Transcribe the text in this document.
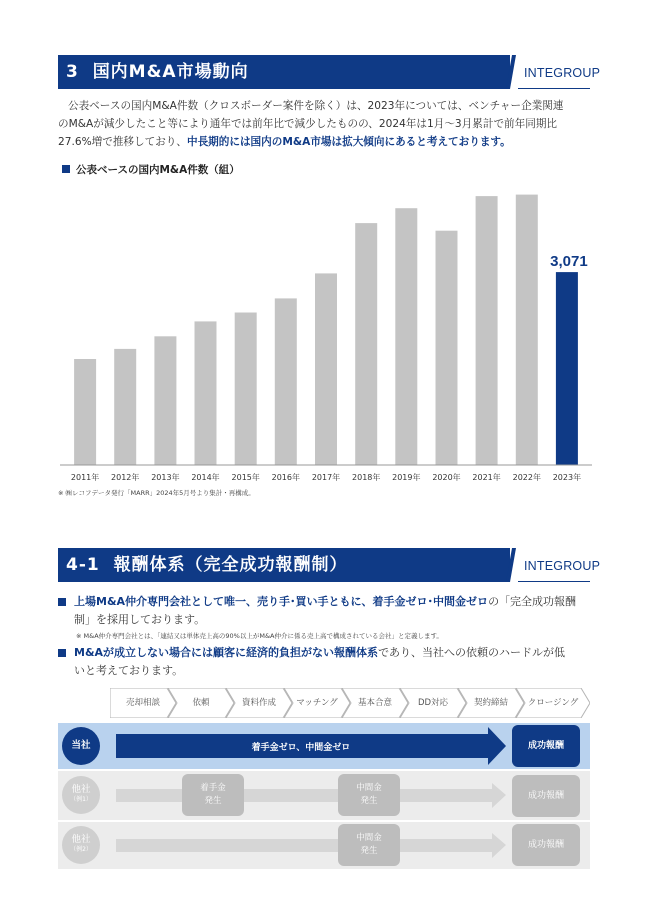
3 国内M&A市場動向	INTEGROUP
公表ベースの国内M&A件数（クロスボーダー案件を除く）は、2023年については、ベンチャー企業関連
のM&Aが減少したこと等により通年では前年比で減少したものの、2024年は1月～3月累計で前年同期比
27.6%増で推移しており、中長期的には国内のM&A市場は拡大傾向にあると考えております。
公表ベースの国内M&A件数（組）
2011年 2012年 2013年 2014年 2015年 2016年 2017年 2018年 2019年 2020年 2021年 2022年 2023年
3,071
※ ㈱レコフデータ発行「MARR」2024年5月号より集計・再構成。
4-1 報酬体系（完全成功報酬制）	INTEGROUP
上場M&A仲介専門会社として唯一、売り手･買い手ともに、着手金ゼロ･中間金ゼロの「完全成功報酬
制」を採用しております。
※ M&A仲介専門会社とは、「連結又は単体売上高の90%以上がM&A仲介に係る売上高で構成されている会社」と定義します。
M&Aが成立しない場合には顧客に経済的負担がない報酬体系であり、当社への依頼のハードルが低
いと考えております。
売却相談	依頼	資料作成	マッチング	基本合意	DD対応	契約締結	クロージング
当社	着手金ゼロ、中間金ゼロ	成功報酬
他社
（例1）
着手金
発生
中間金
発生	成功報酬
他社
（例2）
中間金
発生
成功報酬
